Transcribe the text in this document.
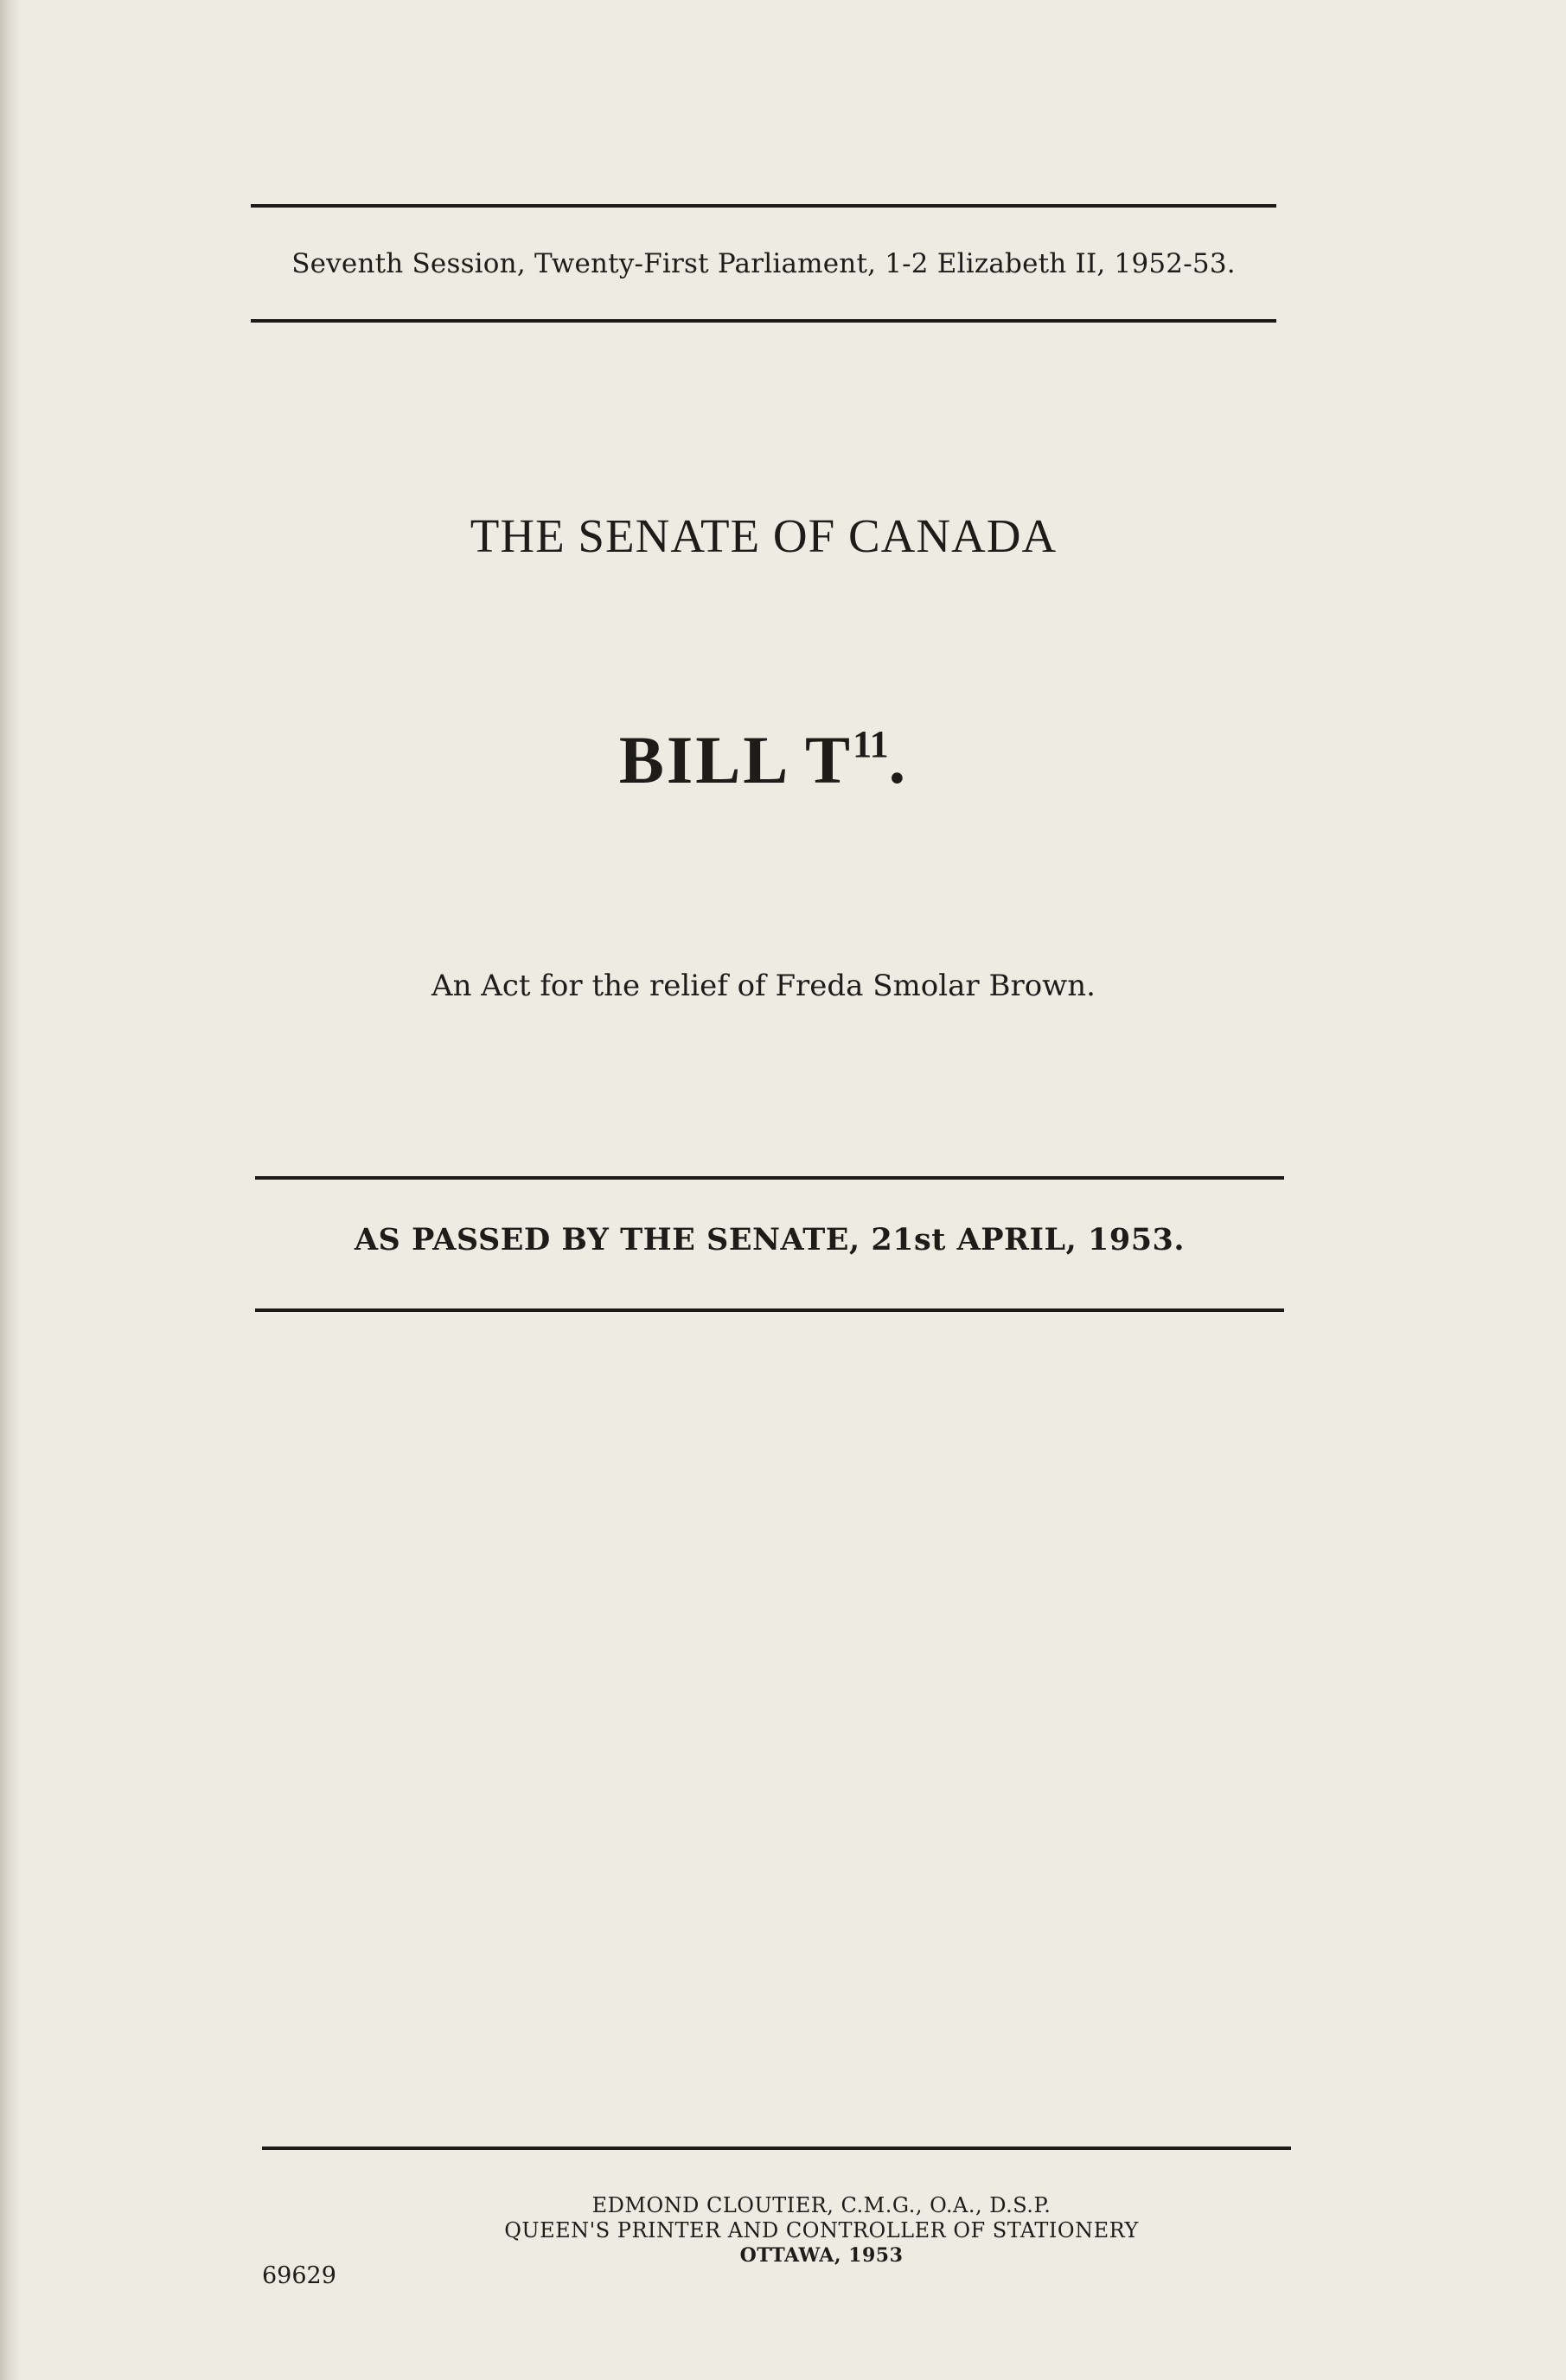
Seventh Session, Twenty-First Parliament, 1-2 Elizabeth II, 1952-53.
THE SENATE OF CANADA
BILL $T^{11}$.
An Act for the relief of Freda Smolar Brown.
AS PASSED BY THE SENATE, 21st APRIL, 1953.
EDMOND CLOUTIER, C.M.G., O.A., D.S.P.
QUEEN'S PRINTER AND CONTROLLER OF STATIONERY
OTTAWA, 1953
69629
